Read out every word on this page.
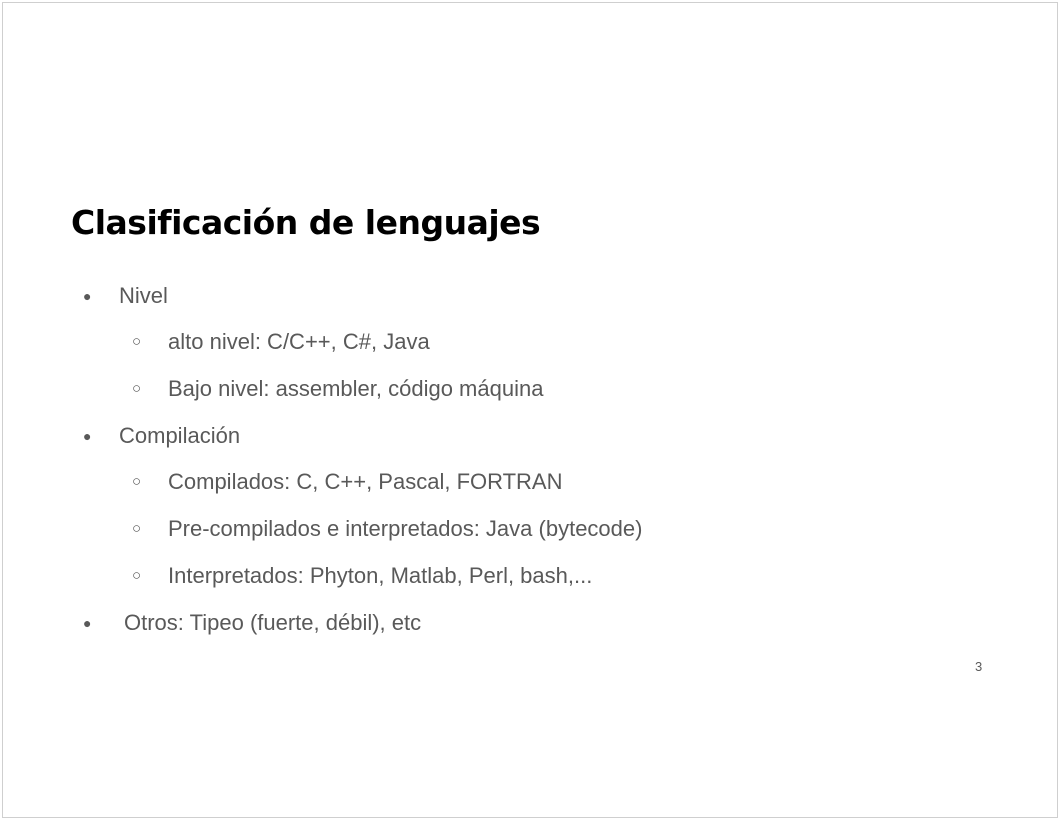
Clasificación de lenguajes
● Nivel
○ alto nivel: C/C++, C#, Java
○ Bajo nivel: assembler, código máquina
● Compilación
○ Compilados: C, C++, Pascal, FORTRAN
○ Pre-compilados e interpretados: Java (bytecode)
○ Interpretados: Phyton, Matlab, Perl, bash,...
● Otros: Tipeo (fuerte, débil), etc
3
